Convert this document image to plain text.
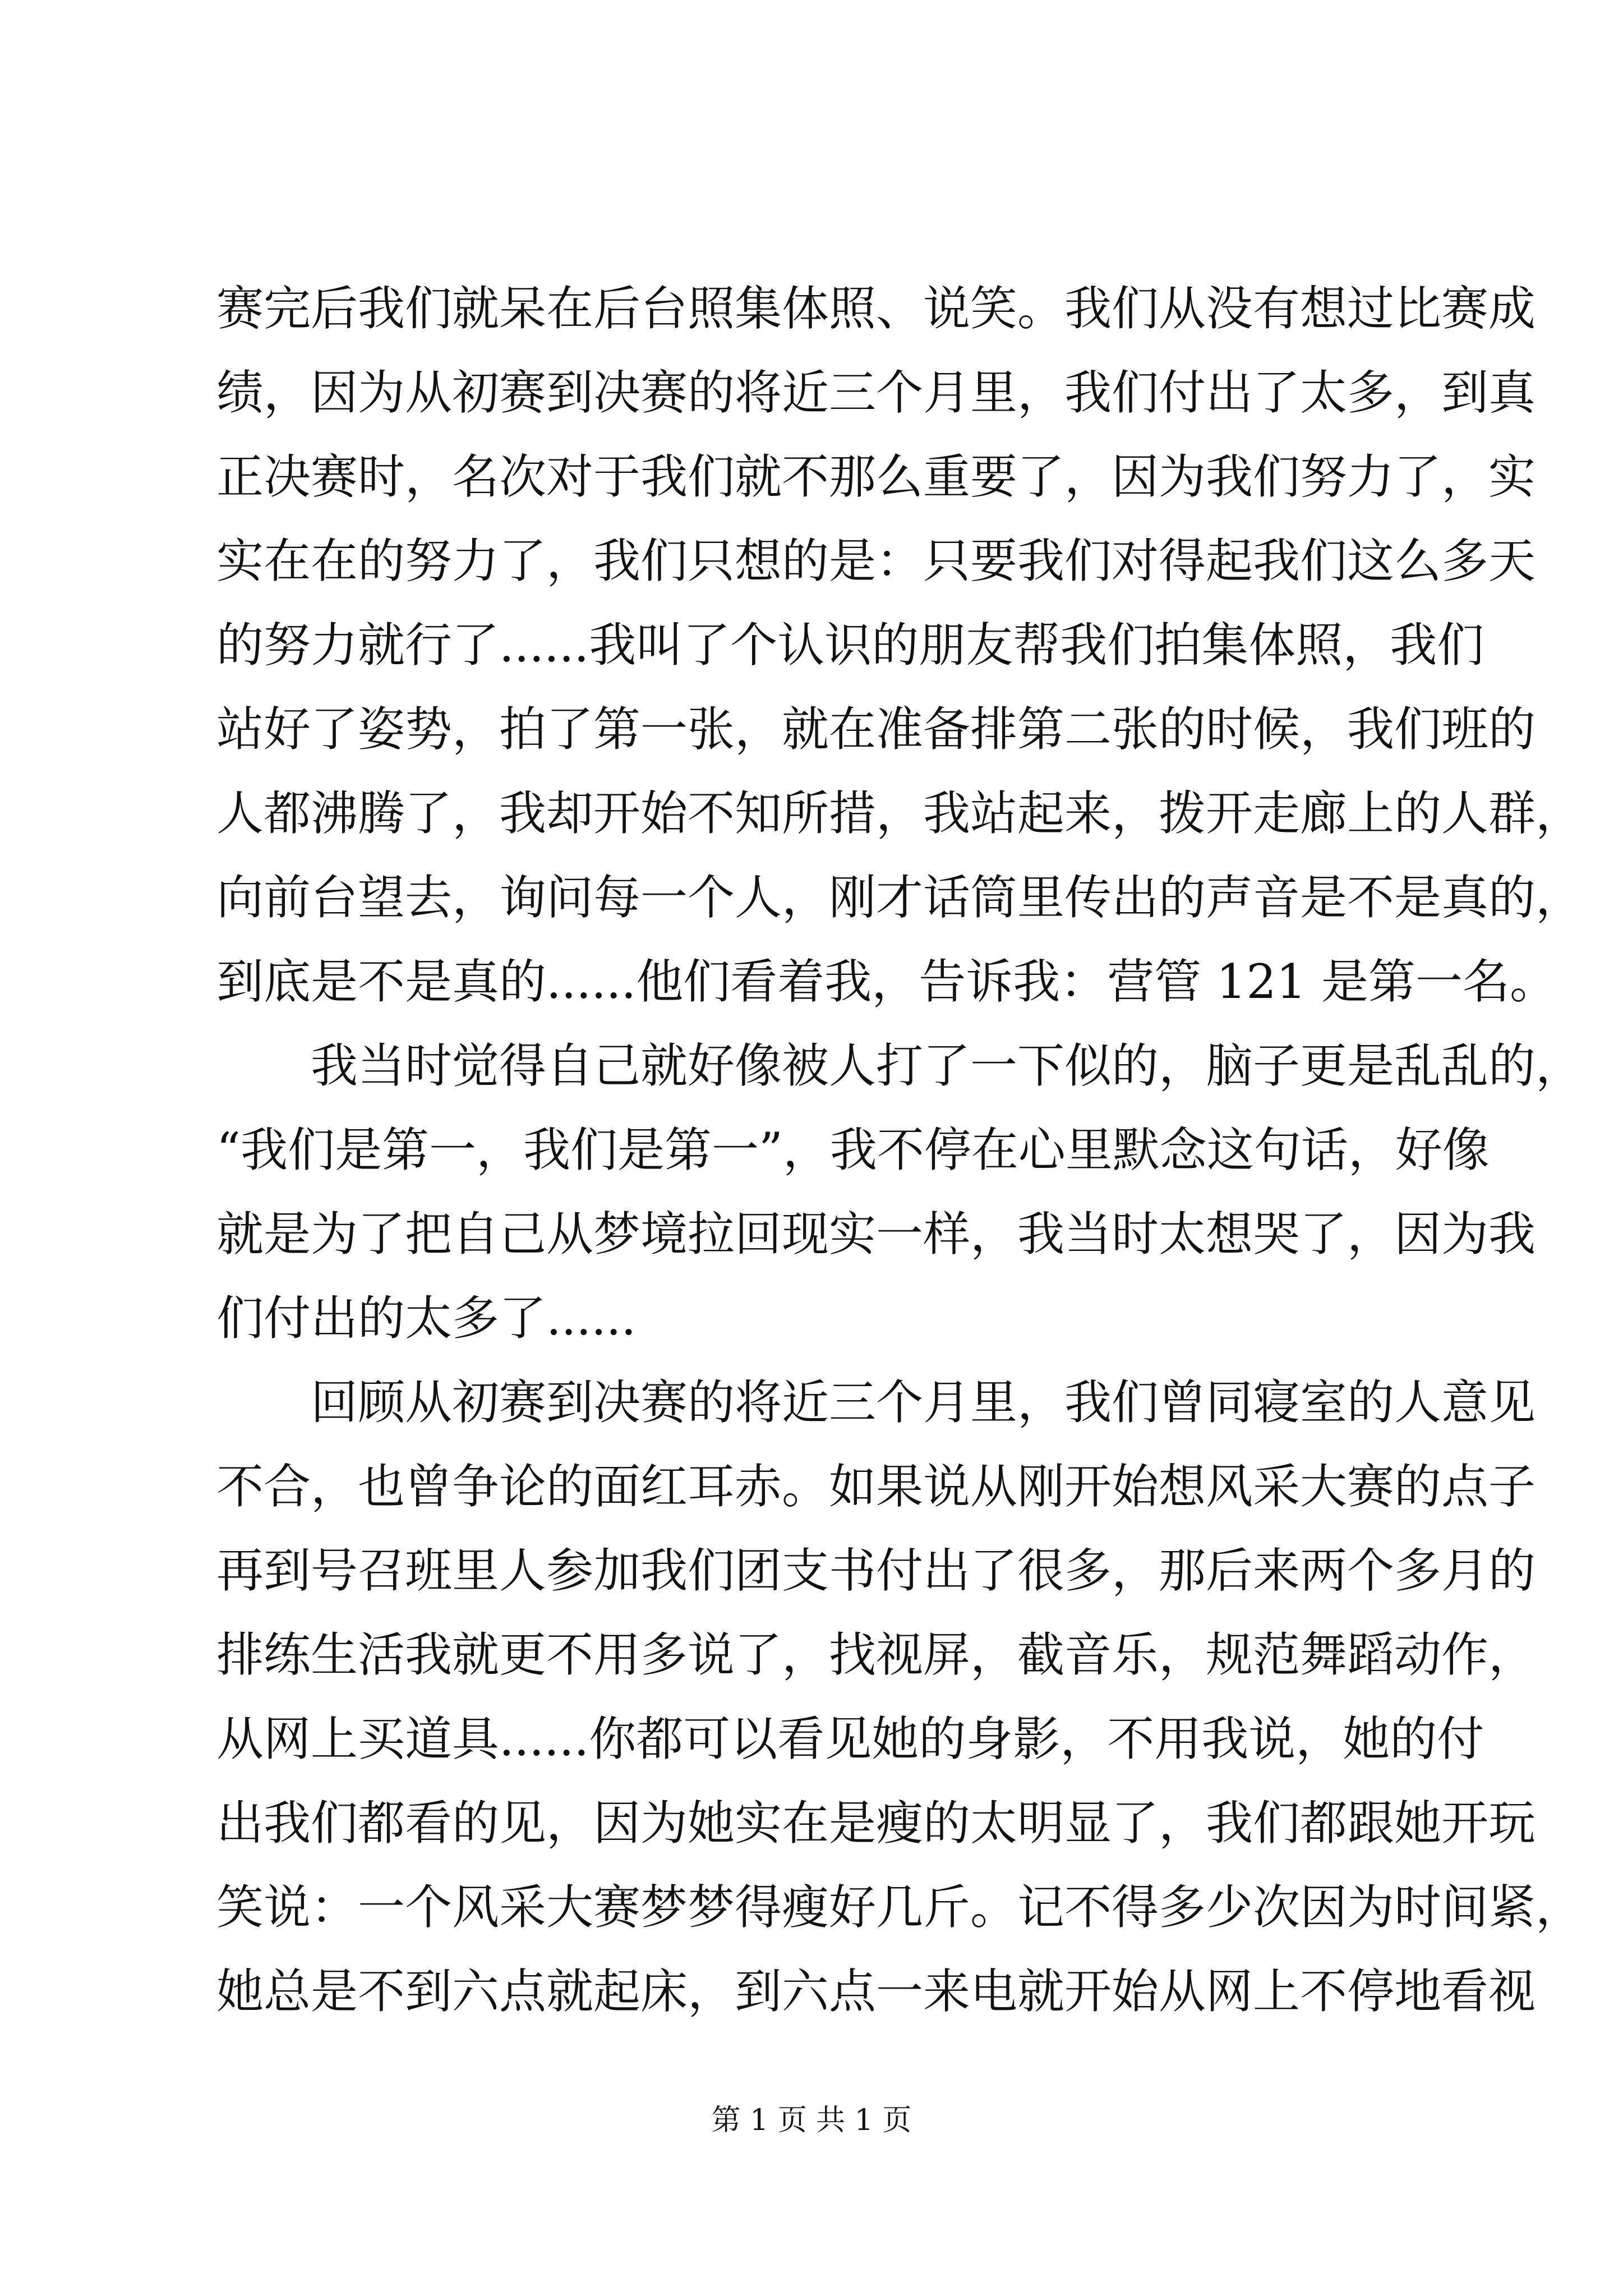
赛完后我们就呆在后台照集体照、说笑。我们从没有想过比赛成
绩，因为从初赛到决赛的将近三个月里，我们付出了太多，到真
正决赛时，名次对于我们就不那么重要了，因为我们努力了，实
实在在的努力了，我们只想的是：只要我们对得起我们这么多天
的努力就行了......我叫了个认识的朋友帮我们拍集体照，我们
站好了姿势，拍了第一张，就在准备排第二张的时候，我们班的
人都沸腾了，我却开始不知所措，我站起来，拨开走廊上的人群，
向前台望去，询问每一个人，刚才话筒里传出的声音是不是真的，
到底是不是真的......他们看着我，告诉我：营管 121 是第一名。
我当时觉得自己就好像被人打了一下似的，脑子更是乱乱的，
“我们是第一，我们是第一”，我不停在心里默念这句话，好像
就是为了把自己从梦境拉回现实一样，我当时太想哭了，因为我
们付出的太多了......
回顾从初赛到决赛的将近三个月里，我们曾同寝室的人意见
不合，也曾争论的面红耳赤。如果说从刚开始想风采大赛的点子
再到号召班里人参加我们团支书付出了很多，那后来两个多月的
排练生活我就更不用多说了，找视屏，截音乐，规范舞蹈动作，
从网上买道具......你都可以看见她的身影，不用我说，她的付
出我们都看的见，因为她实在是瘦的太明显了，我们都跟她开玩
笑说：一个风采大赛梦梦得瘦好几斤。记不得多少次因为时间紧，
她总是不到六点就起床，到六点一来电就开始从网上不停地看视
第 1 页 共 1 页
